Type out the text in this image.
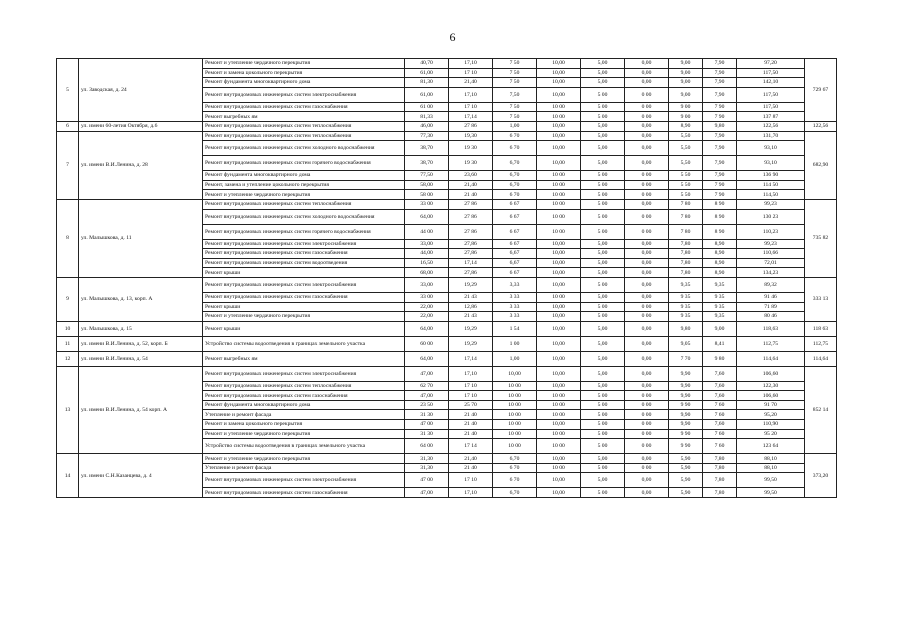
6
5	ул. Заводская, д. 24	Ремонт и утепление чердачного перекрытия	40,70	17,10	7 50	10,00	5,00	0,00	9,00	7,90	97,20	729 67
		Ремонт и замена цокольного перекрытия	61,00	17 10	7 50	10,00	5,00	0,00	9,00	7,90	117,50	
		Ремонт фундамента многоквартирного дома	81,30	21,40	7 50	10,00	5,00	0,00	9,00	7,90	142,10	
		Ремонт внутридомовых инженерных систем электроснабжения	61,00	17,10	7,50	10,00	5 00	0 00	9,00	7,90	117,50	
		Ремонт внутридомовых инженерных систем газоснабжения	61 00	17 10	7 50	10 00	5 00	0 00	9 00	7 90	117,50	
		Ремонт выгребных ям	81,33	17,14	7 50	10 00	5 00	0 00	9 00	7 90	137 87	
6	ул. имени 60-летия Октября, д.6	Ремонт внутридомовых инженерных систем теплоснабжения	46,00	27 86	1,00	10,00	5,00	0,00	8,90	9,80	122,56	122,56
7	ул. имени В.И.Ленина, д. 28	Ремонт внутридомовых инженерных систем теплоснабжения	77,30	19,30	6 70	10,00	5,00	0,00	5,50	7,90	131,70	682,90
		Ремонт внутридомовых инженерных систем холодного водоснабжения	38,70	19 30	6 70	10,00	5,00	0,00	5,50	7,90	93,10	
		Ремонт внутридомовых инженерных систем горячего водоснабжения	38,70	19 30	6,70	10,00	5,00	0,00	5,50	7,90	93,10	
		Ремонт фундамента многоквартирного дома	77,50	23,60	6,70	10 00	5 00	0 00	5 50	7,90	136 90	
		Ремонт, замена и утепление цокольного перекрытия	58,00	21,40	6,70	10 00	5 00	0 00	5 50	7 90	114 50	
		Ремонт и утепление чердачного перекрытия	58 00	21 40	6 70	10 00	5 00	0 00	5 50	7 90	114,50	
8	ул. Малышкова, д. 11	Ремонт внутридомовых инженерных систем теплоснабжения	33 00	27 86	6 67	10 00	5 00	0,00	7 80	8 90	99,23	735 82
		Ремонт внутридомовых инженерных систем холодного водоснабжения	64,00	27 86	6 67	10 00	5 00	0 00	7 80	8 90	130 23	
		Ремонт внутридомовых инженерных систем горячего водоснабжения	44 00	27 86	6 67	10 00	5 00	0 00	7 80	8 90	110,23	
		Ремонт внутридомовых инженерных систем электроснабжения	33,00	27,86	6 67	10,00	5,00	0,00	7,80	8,90	99,23	
		Ремонт внутридомовых инженерных систем газоснабжения	44,00	27,86	6,67	10,00	5,00	0,00	7,80	8,90	110,66	
		Ремонт внутридомовых инженерных систем водоотведения	16,50	17,14	6,67	10,00	5,00	0,00	7,80	8,90	72,01	
		Ремонт крыши	68,00	27,86	6 67	10,00	5,00	0,00	7,80	8,90	134,23	
9	ул. Малышкова, д. 13, корп. А	Ремонт внутридомовых инженерных систем электроснабжения	33,00	19,29	3,33	10,00	5 00	0,00	9,35	9,35	89,32	333 13
		Ремонт внутридомовых инженерных систем газоснабжения	33 00	21 43	3 33	10 00	5,00	0,00	9 35	9 35	91 46	
		Ремонт крыши	22,00	12,86	3 33	10,00	5 00	0 00	9 35	9 35	71 89	
		Ремонт и утепление чердачного перекрытия	22,00	21 43	3 33	10,00	5 00	0 00	9 35	9,35	80 46	
10	ул. Малышкова, д. 15	Ремонт крыши	64,00	19,29	1 54	10,00	5,00	0,00	9,80	9,00	118,63	118 63
11	ул. имени В.И.Ленина, д. 52, корп. Б	Устройство системы водоотведения в границах земельного участка	60 00	19,29	1 00	10,00	5,00	0,00	9,05	8,41	112,75	112,75
12	ул. имени В.И.Ленина, д. 54	Ремонт выгребных ям	64,00	17,14	1,00	10,00	5,00	0,00	7 70	9 80	114,64	114,64
13	ул. имени В.И.Ленина, д. 54 корп. А	Ремонт внутридомовых инженерных систем электроснабжения	47,00	17,10	10,00	10,00	5,00	0,00	9,90	7,60	106,60	852 14
		Ремонт внутридомовых инженерных систем теплоснабжения	62 70	17 10	10 00	10,00	5,00	0,00	9,90	7,60	122,30	
		Ремонт внутридомовых инженерных систем газоснабжения	47,00	17 10	10 00	10 00	5 00	0 00	9,90	7,60	106,60	
		Ремонт фундамента многоквартирного дома	23 50	25 70	10 00	10 00	5 00	0 00	9 90	7 60	91 70	
		Утепление и ремонт фасада	31 30	21 40	10 00	10 00	5 00	0 00	9,90	7 60	95,20	
		Ремонт и замена цокольного перекрытия	47 00	21 40	10 00	10,00	5 00	0 00	9,90	7,60	110,90	
		Ремонт и утепление чердачного перекрытия	31 30	21 40	10 00	10 00	5 00	0 00	9 90	7 60	95 20	
		Устройство системы водоотведения в границах земельного участка	64 00	17 14	10 00	10 00	5 00	0 00	9 90	7 60	123 64	
14	ул. имени С.Н.Казанцева, д. 4	Ремонт и утепление чердачного перекрытия	31,30	21,40	6,70	10,00	5,00	0,00	5,90	7,80	88,10	373,20
		Утепление и ремонт фасада	31,30	21 40	6 70	10 00	5 00	0 00	5,90	7,80	88,10	
		Ремонт внутридомовых инженерных систем электроснабжения	47 00	17 10	6 70	10,00	5,00	0,00	5,90	7,80	99,50	
		Ремонт внутридомовых инженерных систем газоснабжения	47,00	17,10	6,70	10,00	5 00	0,00	5,90	7,80	99,50	
